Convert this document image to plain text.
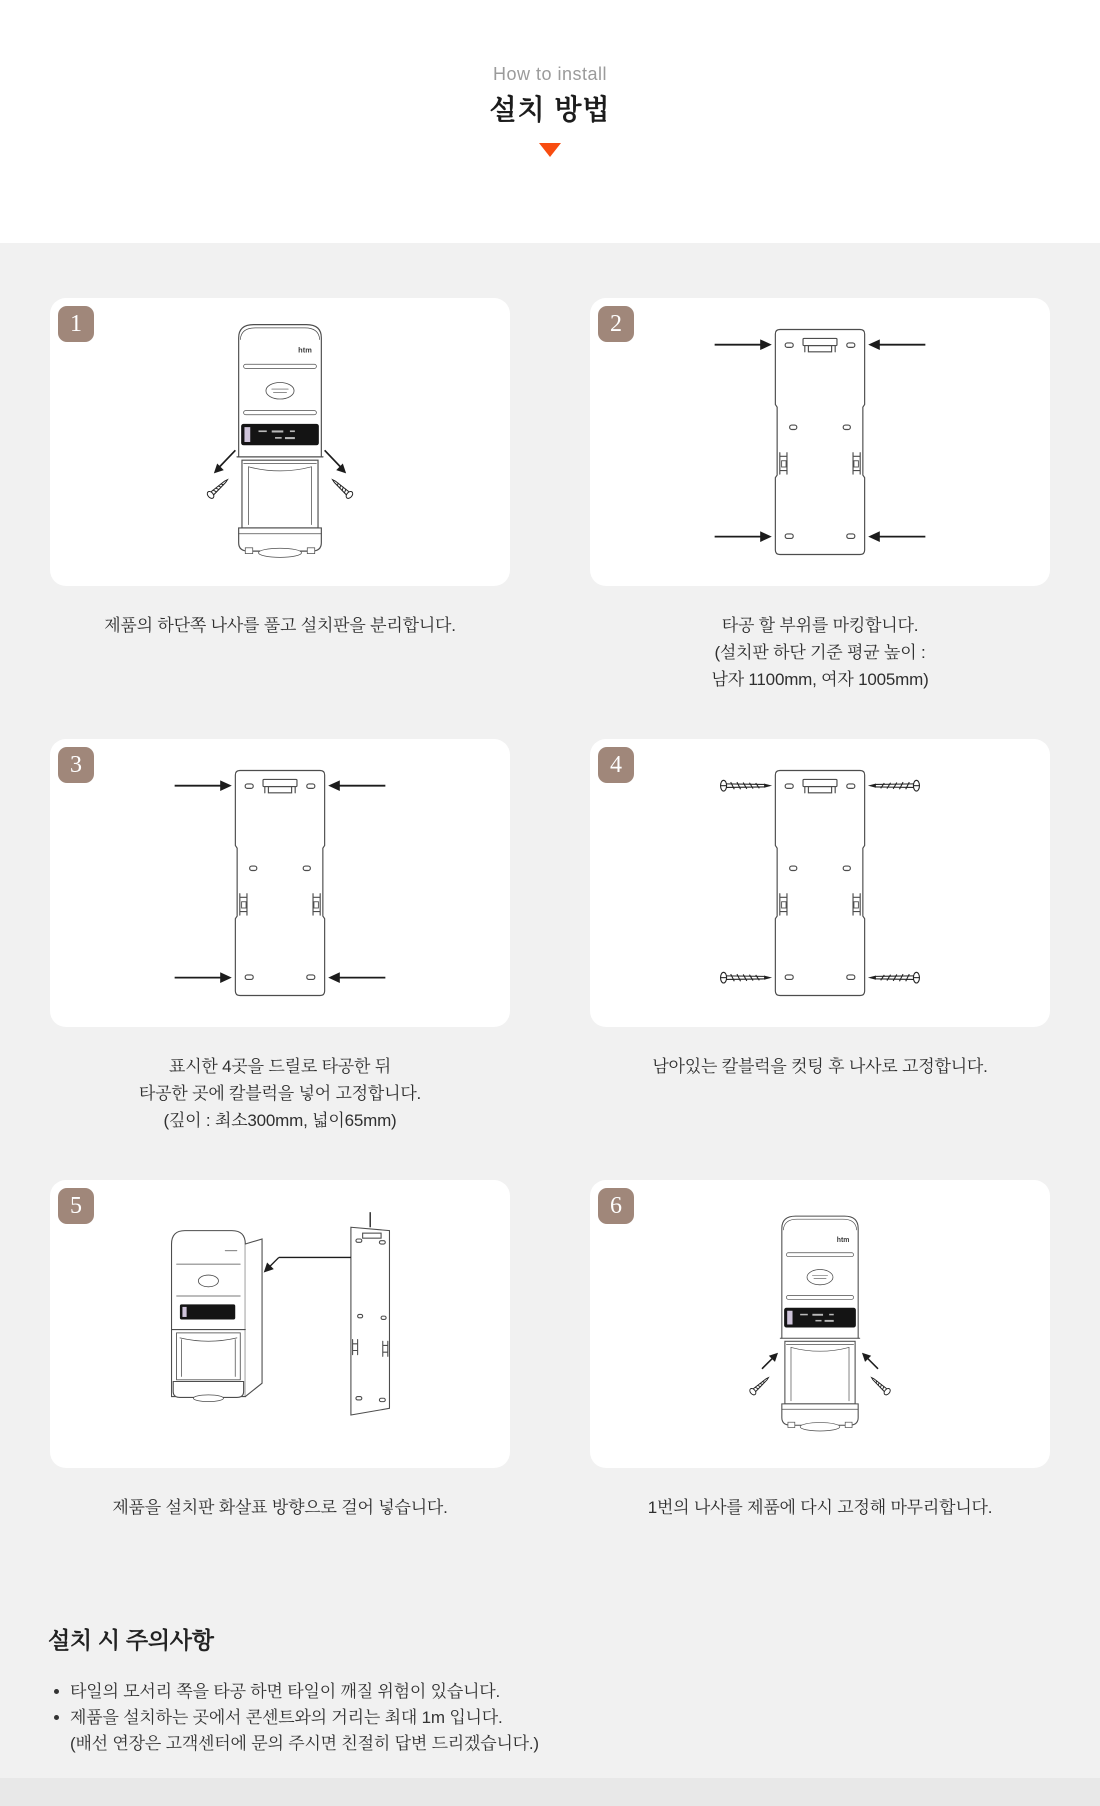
How to install
설치 방법
1
htm
제품의 하단쪽 나사를 풀고 설치판을 분리합니다.
2
타공 할 부위를 마킹합니다.
(설치판 하단 기준 평균 높이 :
남자 1100mm, 여자 1005mm)
3
표시한 4곳을 드릴로 타공한 뒤
타공한 곳에 칼블럭을 넣어 고정합니다.
(깊이 : 최소300mm, 넓이65mm)
4
남아있는 칼블럭을 컷팅 후 나사로 고정합니다.
5
제품을 설치판 화살표 방향으로 걸어 넣습니다.
6
htm
1번의 나사를 제품에 다시 고정해 마무리합니다.
설치 시 주의사항
타일의 모서리 쪽을 타공 하면 타일이 깨질 위험이 있습니다.
제품을 설치하는 곳에서 콘센트와의 거리는 최대 1m 입니다.
(배선 연장은 고객센터에 문의 주시면 친절히 답변 드리겠습니다.)
